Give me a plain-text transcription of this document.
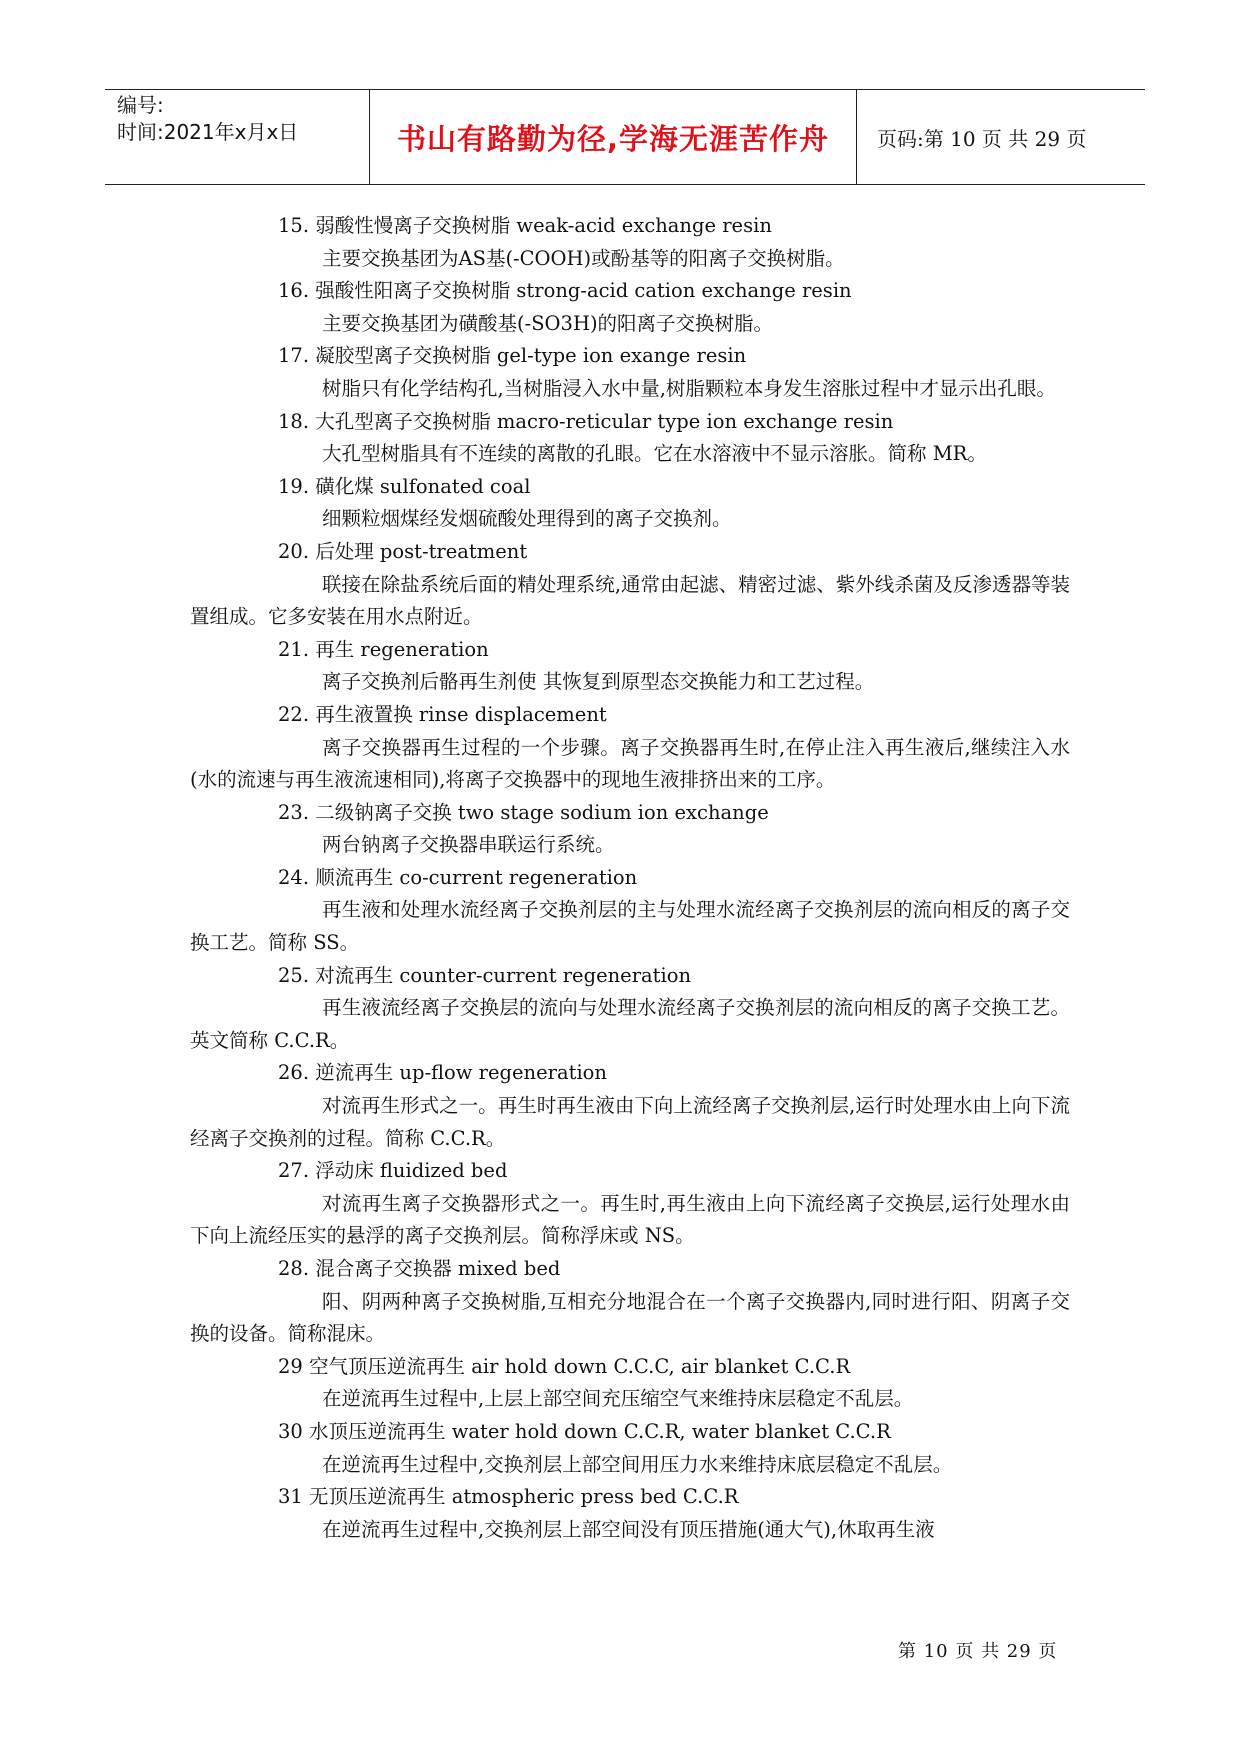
编号:
时间:2021年x月x日	书山有路勤为径,学海无涯苦作舟 页码:第 10 页 共 29 页
15. 弱酸性慢离子交换树脂 weak-acid exchange resin
主要交换基团为AS基(-COOH)或酚基等的阳离子交换树脂。
16. 强酸性阳离子交换树脂 strong-acid cation exchange resin
主要交换基团为磺酸基(-SO3H)的阳离子交换树脂。
17. 凝胶型离子交换树脂 gel-type ion exange resin
树脂只有化学结构孔,当树脂浸入水中量,树脂颗粒本身发生溶胀过程中才显示出孔眼。
18. 大孔型离子交换树脂 macro-reticular type ion exchange resin
大孔型树脂具有不连续的离散的孔眼。它在水溶液中不显示溶胀。简称 MR。
19. 磺化煤 sulfonated coal
细颗粒烟煤经发烟硫酸处理得到的离子交换剂。
20. 后处理 post-treatment
联接在除盐系统后面的精处理系统,通常由起滤、精密过滤、紫外线杀菌及反渗透器等装置组成。它多安装在用水点附近。
21. 再生 regeneration
离子交换剂后骼再生剂使 其恢复到原型态交换能力和工艺过程。
22. 再生液置换 rinse displacement
离子交换器再生过程的一个步骤。离子交换器再生时,在停止注入再生液后,继续注入水(水的流速与再生液流速相同),将离子交换器中的现地生液排挤出来的工序。
23. 二级钠离子交换 two stage sodium ion exchange
两台钠离子交换器串联运行系统。
24. 顺流再生 co-current regeneration
再生液和处理水流经离子交换剂层的主与处理水流经离子交换剂层的流向相反的离子交换工艺。简称 SS。
25. 对流再生 counter-current regeneration
再生液流经离子交换层的流向与处理水流经离子交换剂层的流向相反的离子交换工艺。英文简称 C.C.R。
26. 逆流再生 up-flow regeneration
对流再生形式之一。再生时再生液由下向上流经离子交换剂层,运行时处理水由上向下流经离子交换剂的过程。简称 C.C.R。
27. 浮动床 fluidized bed
对流再生离子交换器形式之一。再生时,再生液由上向下流经离子交换层,运行处理水由下向上流经压实的悬浮的离子交换剂层。简称浮床或 NS。
28. 混合离子交换器 mixed bed
阳、阴两种离子交换树脂,互相充分地混合在一个离子交换器内,同时进行阳、阴离子交换的设备。简称混床。
29 空气顶压逆流再生 air hold down C.C.C, air blanket C.C.R
在逆流再生过程中,上层上部空间充压缩空气来维持床层稳定不乱层。
30 水顶压逆流再生 water hold down C.C.R, water blanket C.C.R
在逆流再生过程中,交换剂层上部空间用压力水来维持床底层稳定不乱层。
31 无顶压逆流再生 atmospheric press bed C.C.R
在逆流再生过程中,交换剂层上部空间没有顶压措施(通大气),休取再生液
第 10 页 共 29 页
